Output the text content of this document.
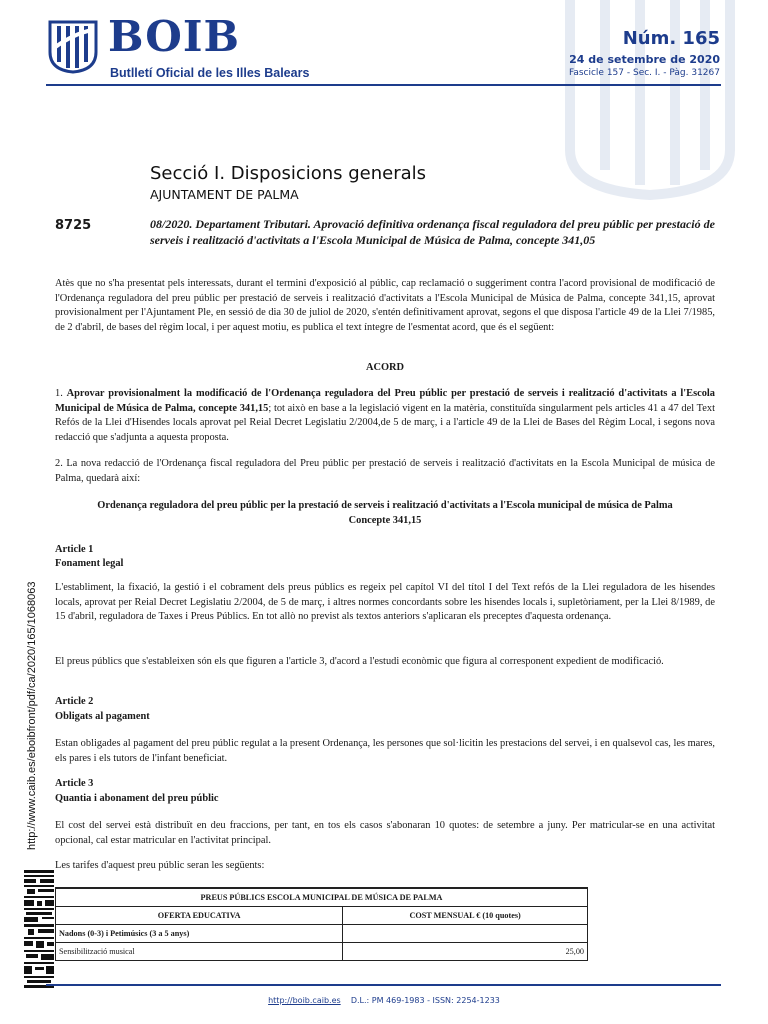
BOIB
Butlletí Oficial de les Illes Balears
Núm. 165
24 de setembre de 2020
Fascicle 157 - Sec. I. - Pàg. 31267
Secció I. Disposicions generals
AJUNTAMENT DE PALMA
8725	08/2020. Departament Tributari. Aprovació definitiva ordenança fiscal reguladora del preu públic per prestació de serveis i realització d'activitats a l'Escola Municipal de Música de Palma, concepte 341,05
Atès que no s'ha presentat pels interessats, durant el termini d'exposició al públic, cap reclamació o suggeriment contra l'acord provisional de modificació de l'Ordenança reguladora del preu públic per prestació de serveis i realització d'activitats a l'Escola Municipal de Música de Palma, concepte 341,15, aprovat provisionalment per l'Ajuntament Ple, en sessió de dia 30 de juliol de 2020, s'entén definitivament aprovat, segons el que disposa l'article 49 de la Llei 7/1985, de 2 d'abril, de bases del règim local, i per aquest motiu, es publica el text íntegre de l'esmentat acord, que és el següent:
ACORD
1. Aprovar provisionalment la modificació de l'Ordenança reguladora del Preu públic per prestació de serveis i realització d'activitats a l'Escola Municipal de Música de Palma, concepte 341,15; tot això en base a la legislació vigent en la matèria, constituïda singularment pels articles 41 a 47 del Text Refós de la Llei d'Hisendes locals aprovat pel Reial Decret Legislatiu 2/2004,de 5 de març, i a l'article 49 de la Llei de Bases del Règim Local, i segons nova redacció que s'adjunta a aquesta proposta.
2. La nova redacció de l'Ordenança fiscal reguladora del Preu públic per prestació de serveis i realització d'activitats en la Escola Municipal de música de Palma, quedarà així:
Ordenança reguladora del preu públic per la prestació de serveis i realització d'activitats a l'Escola municipal de música de Palma
Concepte 341,15
Article 1
Fonament legal
L'establiment, la fixació, la gestió i el cobrament dels preus públics es regeix pel capítol VI del títol I del Text refós de la Llei reguladora de les hisendes locals, aprovat per Reial Decret Legislatiu 2/2004, de 5 de març, i altres normes concordants sobre les hisendes locals i, supletòriament, per la Llei 8/1989, de 15 d'abril, reguladora de Taxes i Preus Públics. En tot allò no previst als textos anteriors s'aplicaran els preceptes d'aquesta ordenança.
El preus públics que s'estableixen són els que figuren a l'article 3, d'acord a l'estudi econòmic que figura al corresponent expedient de modificació.
Article 2
Obligats al pagament
Estan obligades al pagament del preu públic regulat a la present Ordenança, les persones que sol·licitin les prestacions del servei, i en qualsevol cas, les mares, els pares i els tutors de l'infant beneficiat.
Article 3
Quantia i abonament del preu públic
El cost del servei està distribuït en deu fraccions, per tant, en tos els casos s'abonaran 10 quotes: de setembre a juny. Per matricular-se en una activitat opcional, cal estar matricular en l'activitat principal.
Les tarifes d'aquest preu públic seran les següents:
PREUS PÚBLICS ESCOLA MUNICIPAL DE MÚSICA DE PALMA	
OFERTA EDUCATIVA	COST MENSUAL € (10 quotes)
Nadons (0-3) i Petimúsics (3 a 5 anys)	
Sensibilització musical	25,00
http://www.caib.es/eboibfront/pdf/ca/2020/165/1068063
http://boib.caib.es D.L.: PM 469-1983 - ISSN: 2254-1233
